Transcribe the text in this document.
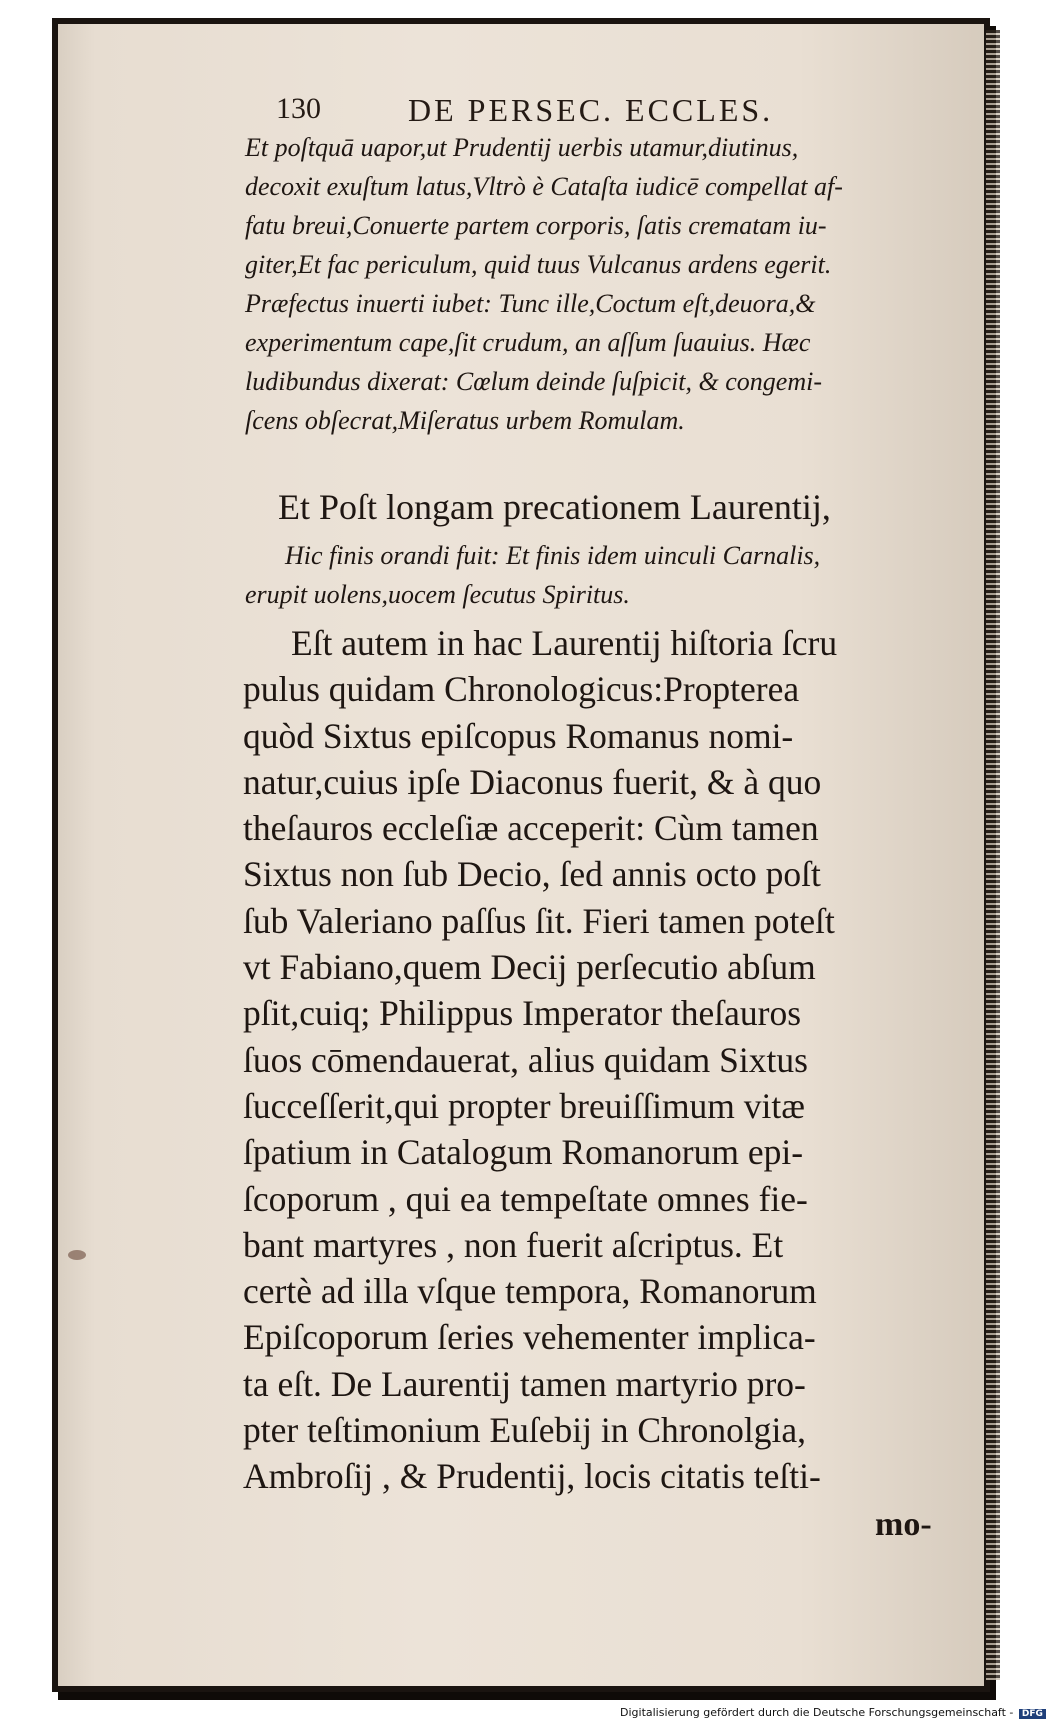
130	DE PERSEC. ECCLES.
Et poſtquā uapor,ut Prudentij uerbis utamur,diutinus,
decoxit exuſtum latus,Vltrò è Cataſta iudicē compellat af-
fatu breui,Conuerte partem corporis, ſatis crematam iu-
giter,Et fac periculum, quid tuus Vulcanus ardens egerit.
Præfectus inuerti iubet: Tunc ille,Coctum eſt,deuora,&
experimentum cape,ſit crudum, an aſſum ſuauius. Hæc
ludibundus dixerat: Cœlum deinde ſuſpicit, & congemi-
ſcens obſecrat,Miſeratus urbem Romulam.
Et Poſt longam precationem Laurentij,
Hic finis orandi fuit: Et finis idem uinculi Carnalis,
erupit uolens,uocem ſecutus Spiritus.
Eſt autem in hac Laurentij hiſtoria ſcru
pulus quidam Chronologicus:Propterea
quòd Sixtus epiſcopus Romanus nomi-
natur,cuius ipſe Diaconus fuerit, & à quo
theſauros eccleſiæ acceperit: Cùm tamen
Sixtus non ſub Decio, ſed annis octo poſt
ſub Valeriano paſſus ſit. Fieri tamen poteſt
vt Fabiano,quem Decij perſecutio abſum
pſit,cuiq; Philippus Imperator theſauros
ſuos cōmendauerat, alius quidam Sixtus
ſucceſſerit,qui propter breuiſſimum vitæ
ſpatium in Catalogum Romanorum epi-
ſcoporum , qui ea tempeſtate omnes fie-
bant martyres , non fuerit aſcriptus. Et
certè ad illa vſque tempora, Romanorum
Epiſcoporum ſeries vehementer implica-
ta eſt. De Laurentij tamen martyrio pro-
pter teſtimonium Euſebij in Chronolgia,
Ambroſij , & Prudentij, locis citatis teſti-
mo-
Digitalisierung gefördert durch die Deutsche Forschungsgemeinschaft - DFG
